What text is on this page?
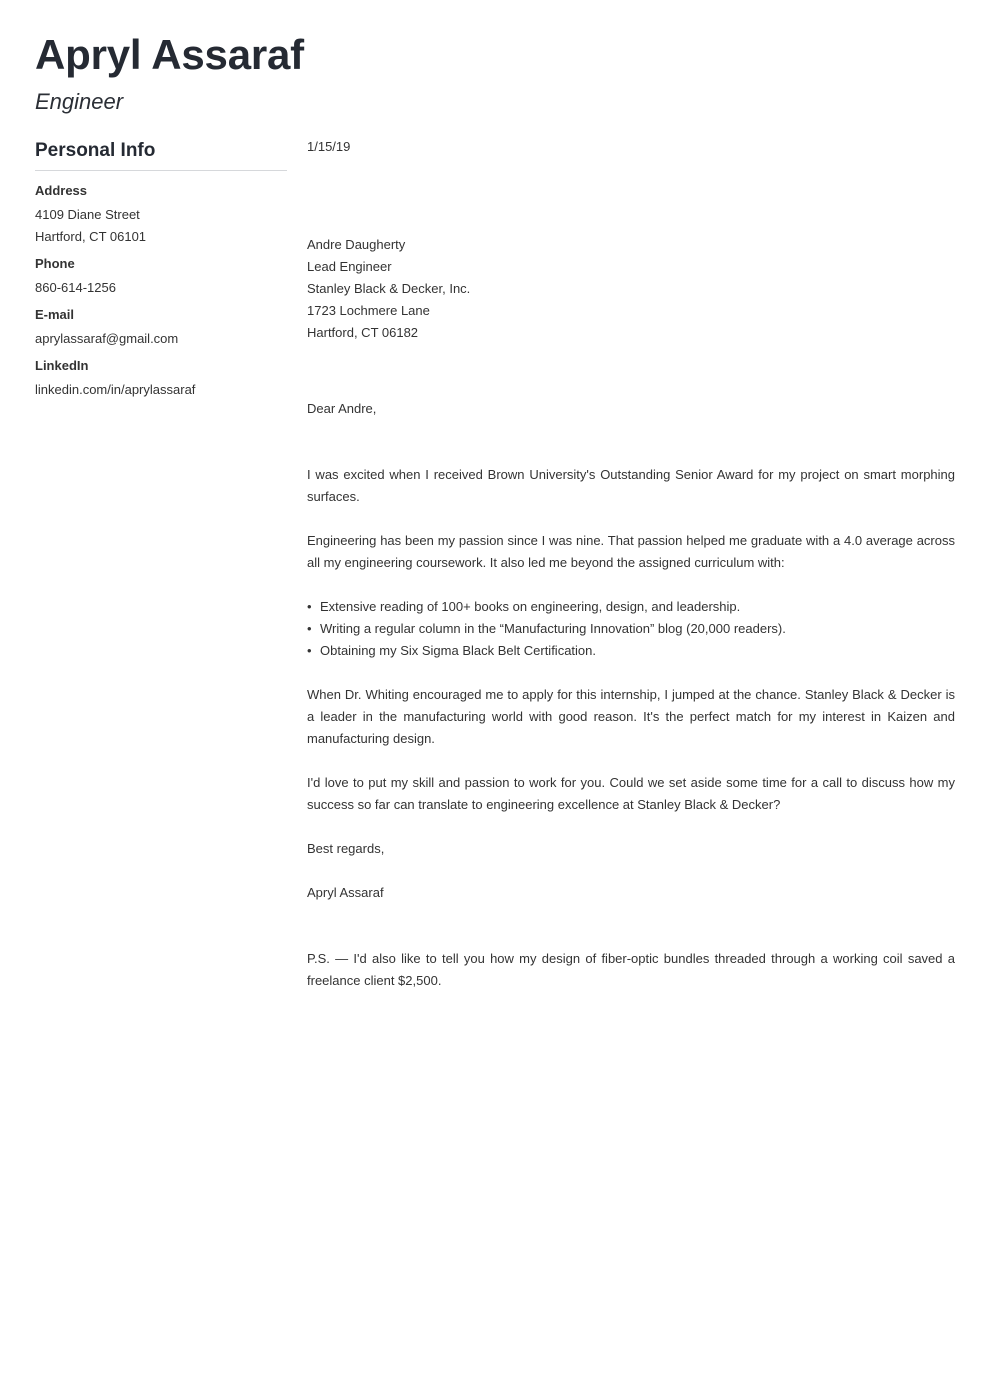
Apryl Assaraf
Engineer
Personal Info
Address
4109 Diane Street
Hartford, CT 06101
Phone
860-614-1256
E-mail
aprylassaraf@gmail.com
LinkedIn
linkedin.com/in/aprylassaraf

1/15/19

Andre Daugherty

Lead Engineer

Stanley Black & Decker, Inc.

1723 Lochmere Lane

Hartford, CT 06182

Dear Andre,

I was excited when I received Brown University's Outstanding Senior Award for my project on smart morphing surfaces.

Engineering has been my passion since I was nine. That passion helped me graduate with a 4.0 average across all my engineering coursework. It also led me beyond the assigned curriculum with:

• Extensive reading of 100+ books on engineering, design, and leadership.
• Writing a regular column in the “Manufacturing Innovation” blog (20,000 readers).
• Obtaining my Six Sigma Black Belt Certification.

When Dr. Whiting encouraged me to apply for this internship, I jumped at the chance. Stanley Black & Decker is a leader in the manufacturing world with good reason. It's the perfect match for my interest in Kaizen and manufacturing design.

I'd love to put my skill and passion to work for you. Could we set aside some time for a call to discuss how my success so far can translate to engineering excellence at Stanley Black & Decker?

Best regards,

Apryl Assaraf

P.S. — I'd also like to tell you how my design of fiber-optic bundles threaded through a working coil saved a freelance client $2,500.
